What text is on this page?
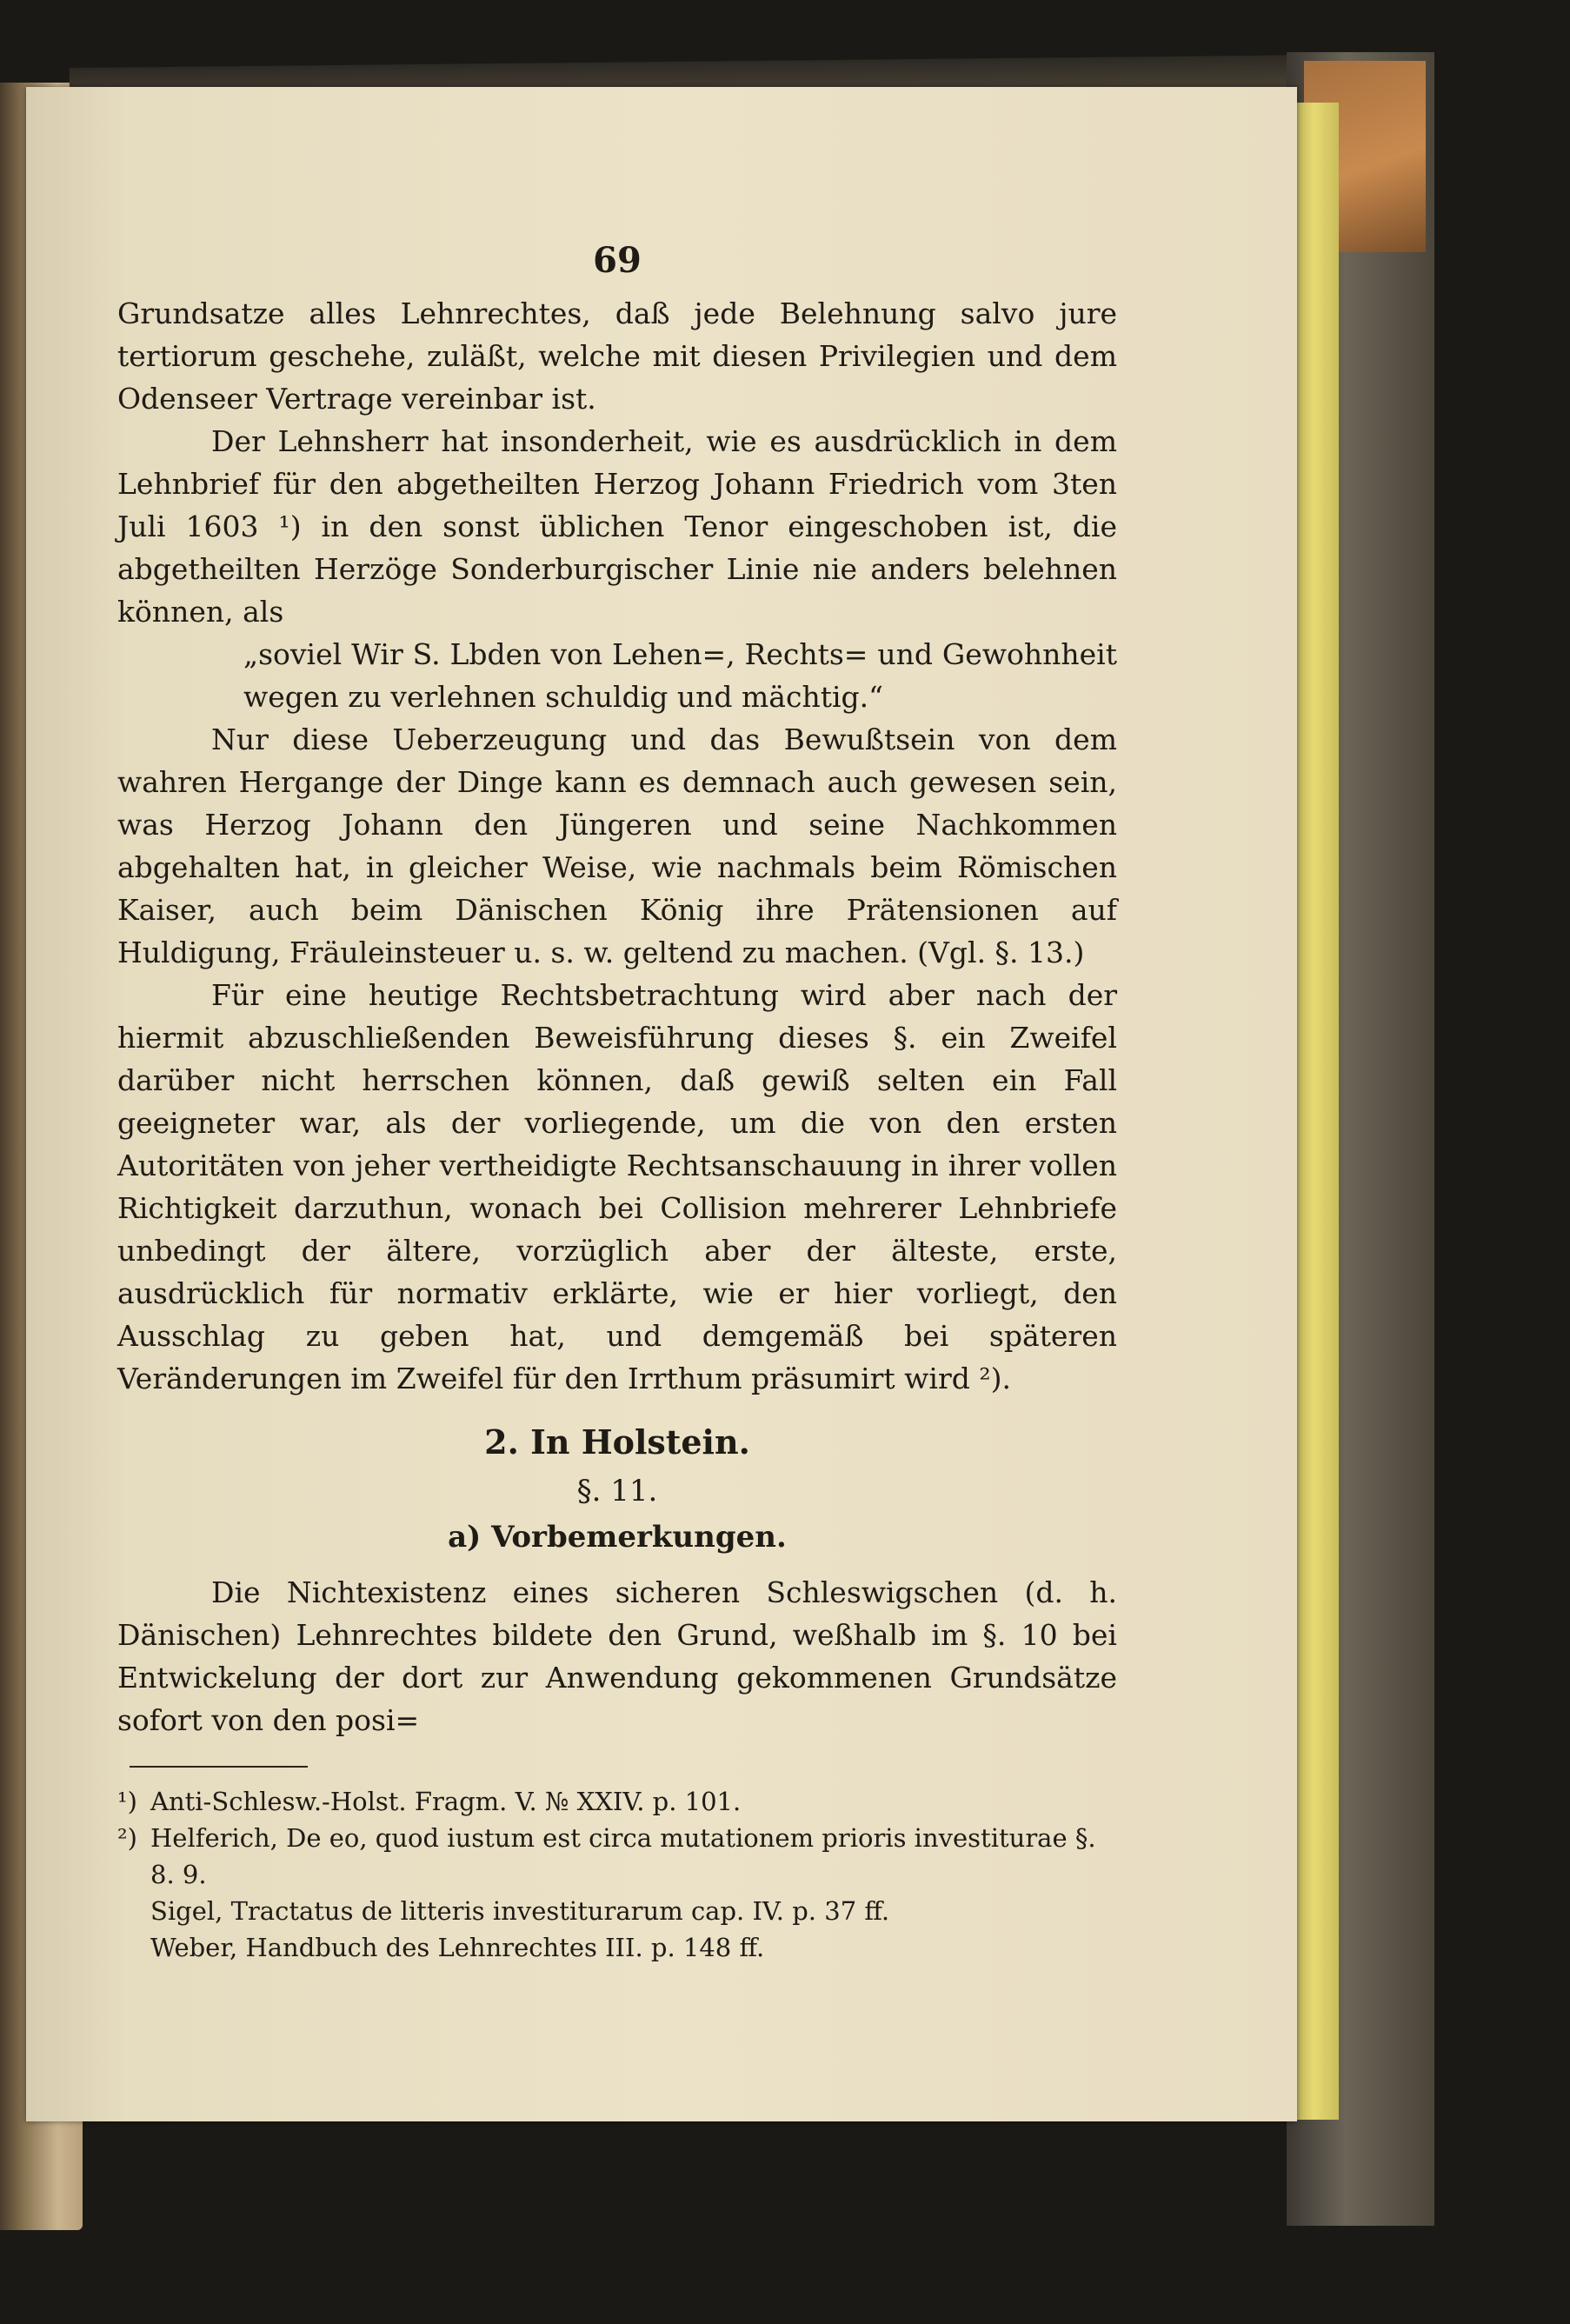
69

Grundsatze alles Lehnrechtes, daß jede Belehnung salvo jure tertiorum geschehe, zuläßt, welche mit diesen Privilegien und dem Odenseer Vertrage vereinbar ist.

Der Lehnsherr hat insonderheit, wie es ausdrücklich in dem Lehnbrief für den abgetheilten Herzog Johann Friedrich vom 3ten Juli 1603 ¹) in den sonst üblichen Tenor eingeschoben ist, die abgetheilten Herzöge Sonderburgischer Linie nie anders belehnen können, als

„soviel Wir S. Lbden von Lehen=, Rechts= und Gewohnheit wegen zu verlehnen schuldig und mächtig.“

Nur diese Ueberzeugung und das Bewußtsein von dem wahren Hergange der Dinge kann es demnach auch gewesen sein, was Herzog Johann den Jüngeren und seine Nachkommen abgehalten hat, in gleicher Weise, wie nachmals beim Römischen Kaiser, auch beim Dänischen König ihre Prätensionen auf Huldigung, Fräuleinsteuer u. s. w. geltend zu machen. (Vgl. §. 13.)

Für eine heutige Rechtsbetrachtung wird aber nach der hiermit abzuschließenden Beweisführung dieses §. ein Zweifel darüber nicht herrschen können, daß gewiß selten ein Fall geeigneter war, als der vorliegende, um die von den ersten Autoritäten von jeher vertheidigte Rechtsanschauung in ihrer vollen Richtigkeit darzuthun, wonach bei Collision mehrerer Lehnbriefe unbedingt der ältere, vorzüglich aber der älteste, erste, ausdrücklich für normativ erklärte, wie er hier vorliegt, den Ausschlag zu geben hat, und demgemäß bei späteren Veränderungen im Zweifel für den Irrthum präsumirt wird ²).

2. In Holstein.
§. 11.
a) Vorbemerkungen.

Die Nichtexistenz eines sicheren Schleswigschen (d. h. Dänischen) Lehnrechtes bildete den Grund, weßhalb im §. 10 bei Entwickelung der dort zur Anwendung gekommenen Grundsätze sofort von den posi=

¹) Anti-Schlesw.-Holst. Fragm. V. № XXIV. p. 101.
²) Helferich, De eo, quod iustum est circa mutationem prioris investiturae §. 8. 9.
Sigel, Tractatus de litteris investiturarum cap. IV. p. 37 ff.
Weber, Handbuch des Lehnrechtes III. p. 148 ff.
